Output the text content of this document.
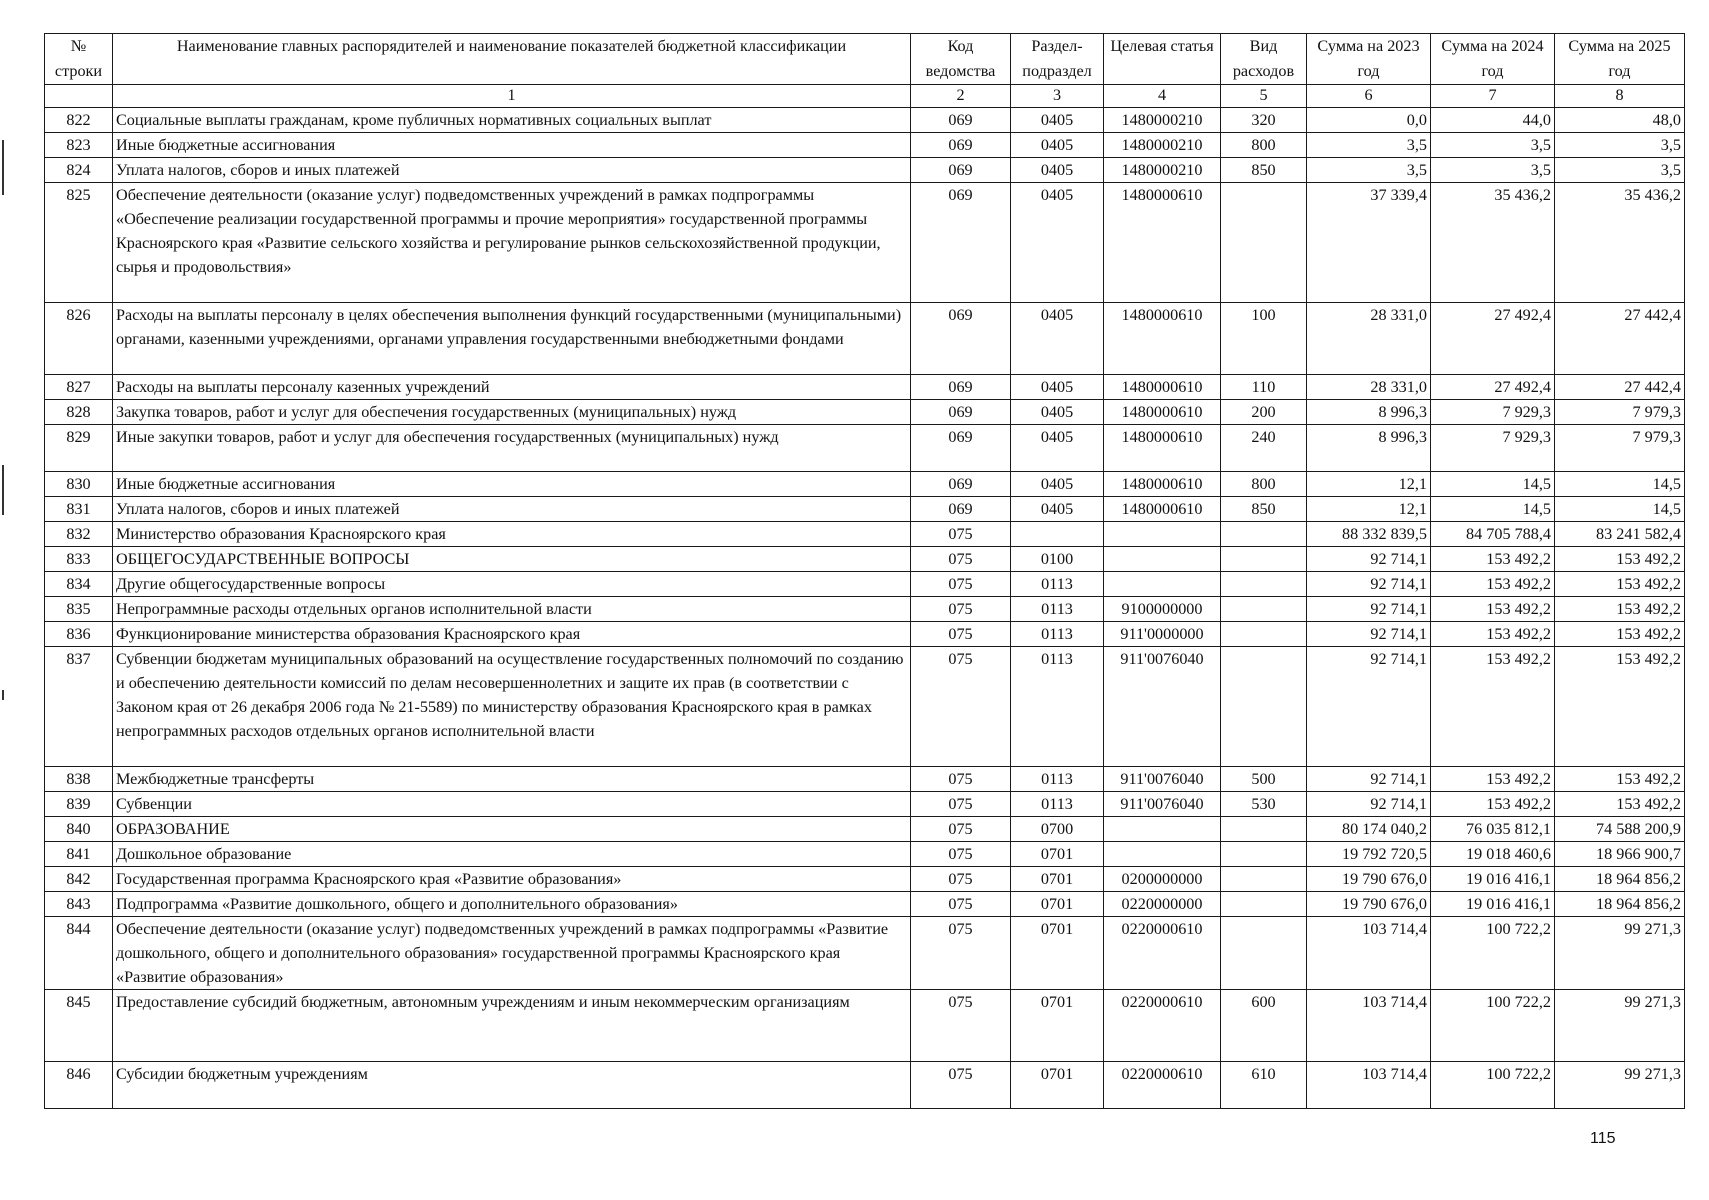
№ строки	Наименование главных распорядителей и наименование показателей бюджетной классификации	Код ведомства	Раздел-подраздел	Целевая статья	Вид расходов	Сумма на 2023 год	Сумма на 2024 год	Сумма на 2025 год
	1	2	3	4	5	6	7	8
822	Социальные выплаты гражданам, кроме публичных нормативных социальных выплат	069	0405	1480000210	320	0,0	44,0	48,0
823	Иные бюджетные ассигнования	069	0405	1480000210	800	3,5	3,5	3,5
824	Уплата налогов, сборов и иных платежей	069	0405	1480000210	850	3,5	3,5	3,5
825	Обеспечение деятельности (оказание услуг) подведомственных учреждений в рамках подпрограммы «Обеспечение реализации государственной программы и прочие мероприятия» государственной программы Красноярского края «Развитие сельского хозяйства и регулирование рынков сельскохозяйственной продукции, сырья и продовольствия»	069	0405	1480000610		37 339,4	35 436,2	35 436,2
826	Расходы на выплаты персоналу в целях обеспечения выполнения функций государственными (муниципальными) органами, казенными учреждениями, органами управления государственными внебюджетными фондами	069	0405	1480000610	100	28 331,0	27 492,4	27 442,4
827	Расходы на выплаты персоналу казенных учреждений	069	0405	1480000610	110	28 331,0	27 492,4	27 442,4
828	Закупка товаров, работ и услуг для обеспечения государственных (муниципальных) нужд	069	0405	1480000610	200	8 996,3	7 929,3	7 979,3
829	Иные закупки товаров, работ и услуг для обеспечения государственных (муниципальных) нужд	069	0405	1480000610	240	8 996,3	7 929,3	7 979,3
830	Иные бюджетные ассигнования	069	0405	1480000610	800	12,1	14,5	14,5
831	Уплата налогов, сборов и иных платежей	069	0405	1480000610	850	12,1	14,5	14,5
832	Министерство образования Красноярского края	075				88 332 839,5	84 705 788,4	83 241 582,4
833	ОБЩЕГОСУДАРСТВЕННЫЕ ВОПРОСЫ	075	0100			92 714,1	153 492,2	153 492,2
834	Другие общегосударственные вопросы	075	0113			92 714,1	153 492,2	153 492,2
835	Непрограммные расходы отдельных органов исполнительной власти	075	0113	9100000000		92 714,1	153 492,2	153 492,2
836	Функционирование министерства образования Красноярского края	075	0113	911'0000000		92 714,1	153 492,2	153 492,2
837	Субвенции бюджетам муниципальных образований на осуществление государственных полномочий по созданию и обеспечению деятельности комиссий по делам несовершеннолетних и защите их прав (в соответствии с Законом края от 26 декабря 2006 года № 21-5589) по министерству образования Красноярского края в рамках непрограммных расходов отдельных органов исполнительной власти	075	0113	911'0076040		92 714,1	153 492,2	153 492,2
838	Межбюджетные трансферты	075	0113	911'0076040	500	92 714,1	153 492,2	153 492,2
839	Субвенции	075	0113	911'0076040	530	92 714,1	153 492,2	153 492,2
840	ОБРАЗОВАНИЕ	075	0700			80 174 040,2	76 035 812,1	74 588 200,9
841	Дошкольное образование	075	0701			19 792 720,5	19 018 460,6	18 966 900,7
842	Государственная программа Красноярского края «Развитие образования»	075	0701	0200000000		19 790 676,0	19 016 416,1	18 964 856,2
843	Подпрограмма «Развитие дошкольного, общего и дополнительного образования»	075	0701	0220000000		19 790 676,0	19 016 416,1	18 964 856,2
844	Обеспечение деятельности (оказание услуг) подведомственных учреждений в рамках подпрограммы «Развитие дошкольного, общего и дополнительного образования» государственной программы Красноярского края «Развитие образования»	075	0701	0220000610		103 714,4	100 722,2	99 271,3
845	Предоставление субсидий бюджетным, автономным учреждениям и иным некоммерческим организациям	075	0701	0220000610	600	103 714,4	100 722,2	99 271,3
846	Субсидии бюджетным учреждениям	075	0701	0220000610	610	103 714,4	100 722,2	99 271,3
115
